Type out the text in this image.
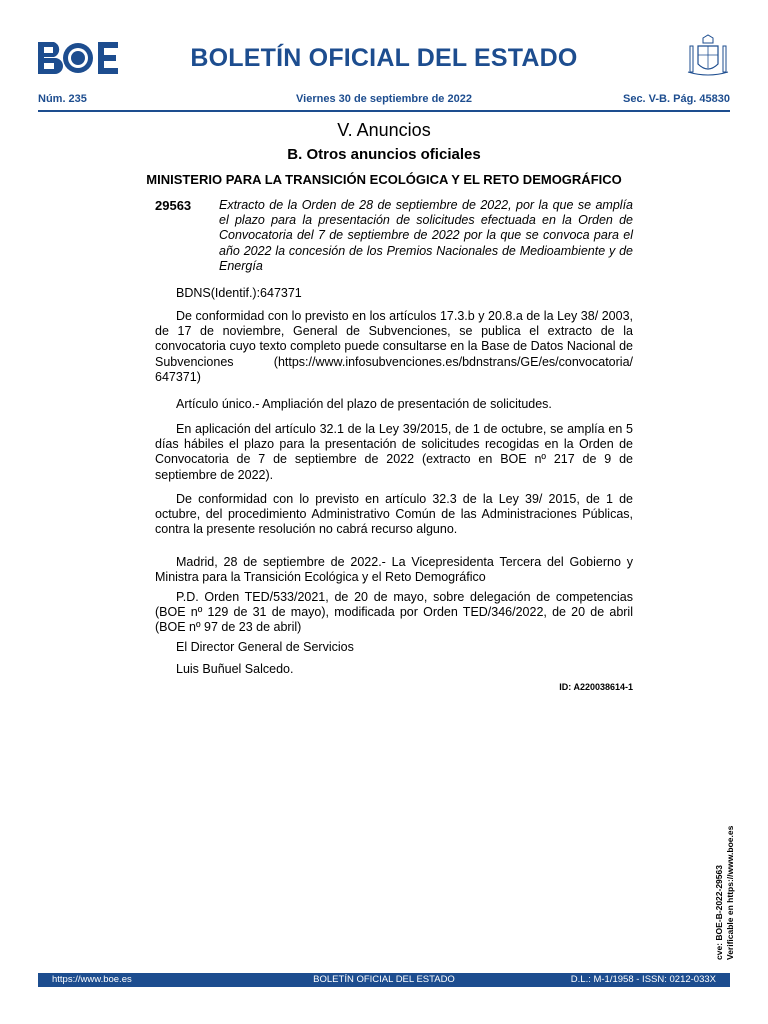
BOLETÍN OFICIAL DEL ESTADO
Viernes 30 de septiembre de 2022
Núm. 235	Sec. V-B. Pág. 45830
V. Anuncios
B. Otros anuncios oficiales
MINISTERIO PARA LA TRANSICIÓN ECOLÓGICA Y EL RETO DEMOGRÁFICO
29563 Extracto de la Orden de 28 de septiembre de 2022, por la que se amplía el plazo para la presentación de solicitudes efectuada en la Orden de Convocatoria del 7 de septiembre de 2022 por la que se convoca para el año 2022 la concesión de los Premios Nacionales de Medioambiente y de Energía

BDNS(Identif.):647371

De conformidad con lo previsto en los artículos 17.3.b y 20.8.a de la Ley 38/ 2003, de 17 de noviembre, General de Subvenciones, se publica el extracto de la convocatoria cuyo texto completo puede consultarse en la Base de Datos Nacional de Subvenciones (https://www.infosubvenciones.es/bdnstrans/GE/es/convocatoria/ 647371)

Artículo único.- Ampliación del plazo de presentación de solicitudes.

En aplicación del artículo 32.1 de la Ley 39/2015, de 1 de octubre, se amplía en 5 días hábiles el plazo para la presentación de solicitudes recogidas en la Orden de Convocatoria de 7 de septiembre de 2022 (extracto en BOE nº 217 de 9 de septiembre de 2022).

De conformidad con lo previsto en artículo 32.3 de la Ley 39/ 2015, de 1 de octubre, del procedimiento Administrativo Común de las Administraciones Públicas, contra la presente resolución no cabrá recurso alguno.

Madrid, 28 de septiembre de 2022.- La Vicepresidenta Tercera del Gobierno y Ministra para la Transición Ecológica y el Reto Demográfico

P.D. Orden TED/533/2021, de 20 de mayo, sobre delegación de competencias (BOE nº 129 de 31 de mayo), modificada por Orden TED/346/2022, de 20 de abril (BOE nº 97 de 23 de abril)

El Director General de Servicios

Luis Buñuel Salcedo.

ID: A220038614-1
cve: BOE-B-2022-29563 Verificable en https://www.boe.es
BOLETÍN OFICIAL DEL ESTADO
https://www.boe.es	D.L.: M-1/1958 - ISSN: 0212-033X
